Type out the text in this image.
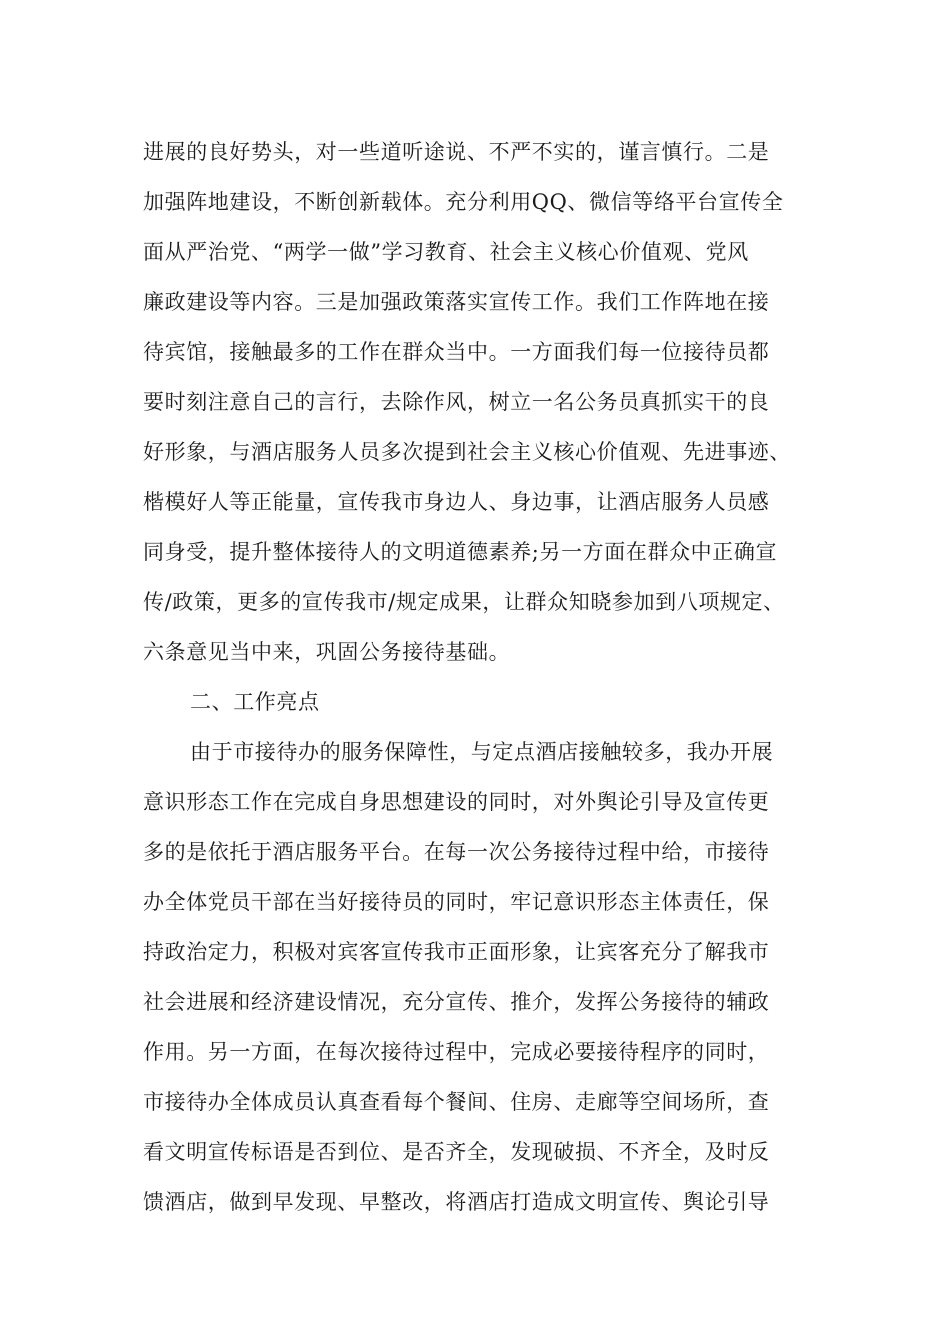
进展的良好势头，对一些道听途说、不严不实的，谨言慎行。二是
加强阵地建设，不断创新载体。充分利用QQ、微信等络平台宣传全
面从严治党、“两学一做”学习教育、社会主义核心价值观、党风
廉政建设等内容。三是加强政策落实宣传工作。我们工作阵地在接
待宾馆，接触最多的工作在群众当中。一方面我们每一位接待员都
要时刻注意自己的言行，去除作风，树立一名公务员真抓实干的良
好形象，与酒店服务人员多次提到社会主义核心价值观、先进事迹、
楷模好人等正能量，宣传我市身边人、身边事，让酒店服务人员感
同身受，提升整体接待人的文明道德素养;另一方面在群众中正确宣
传/政策，更多的宣传我市/规定成果，让群众知晓参加到八项规定、
六条意见当中来，巩固公务接待基础。
二、工作亮点
由于市接待办的服务保障性，与定点酒店接触较多，我办开展
意识形态工作在完成自身思想建设的同时，对外舆论引导及宣传更
多的是依托于酒店服务平台。在每一次公务接待过程中给，市接待
办全体党员干部在当好接待员的同时，牢记意识形态主体责任，保
持政治定力，积极对宾客宣传我市正面形象，让宾客充分了解我市
社会进展和经济建设情况，充分宣传、推介，发挥公务接待的辅政
作用。另一方面，在每次接待过程中，完成必要接待程序的同时，
市接待办全体成员认真查看每个餐间、住房、走廊等空间场所，查
看文明宣传标语是否到位、是否齐全，发现破损、不齐全，及时反
馈酒店，做到早发现、早整改，将酒店打造成文明宣传、舆论引导
